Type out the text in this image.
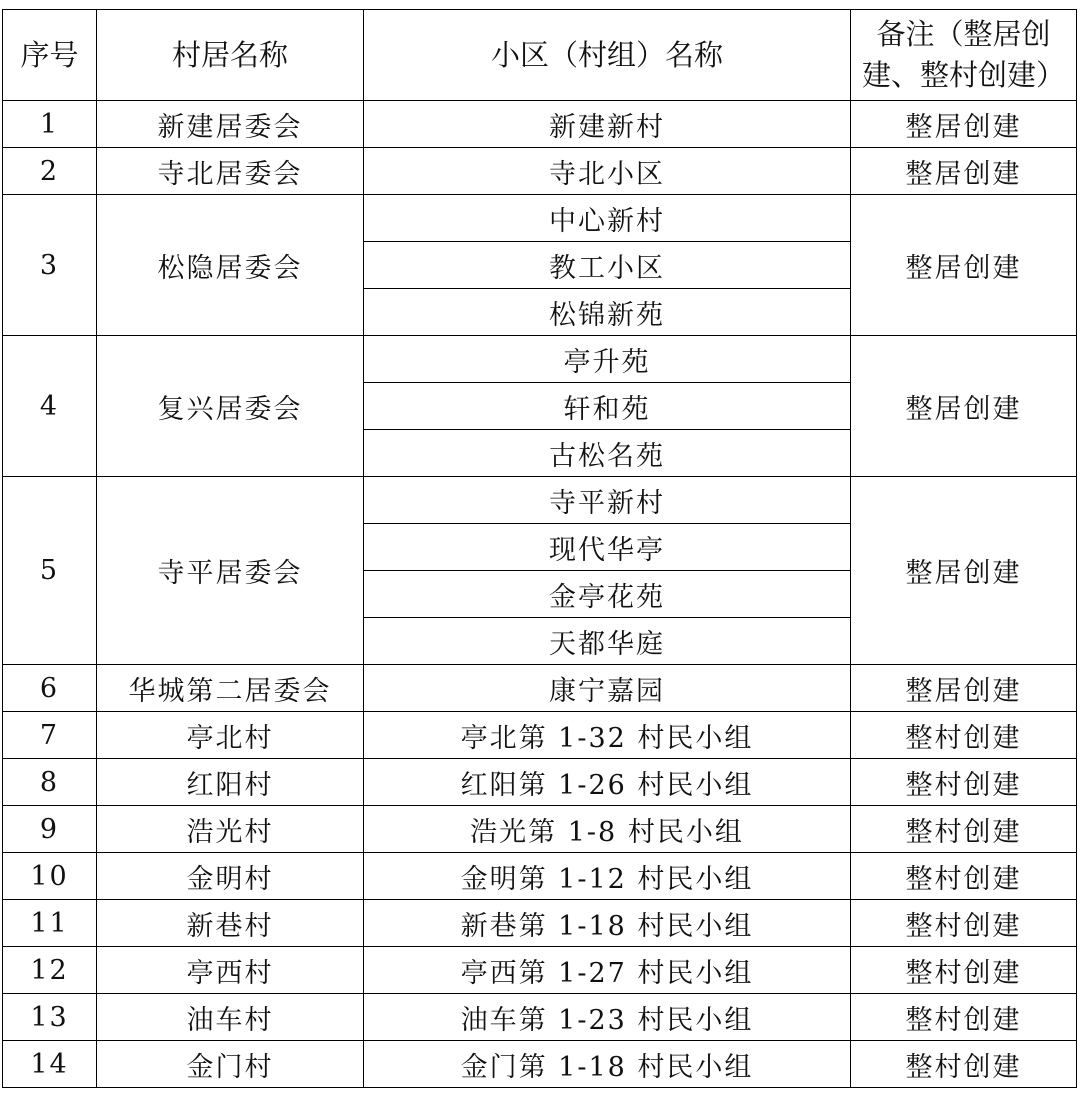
序号	村居名称	小区（村组）名称	备注（整居创建、整村创建）
1	新建居委会	新建新村	整居创建
2	寺北居委会	寺北小区	整居创建
3	松隐居委会	中心新村	整居创建
		教工小区	
		松锦新苑	
4	复兴居委会	亭升苑	整居创建
		轩和苑	
		古松名苑	
5	寺平居委会	寺平新村	整居创建
		现代华亭	
		金亭花苑	
		天都华庭	
6	华城第二居委会	康宁嘉园	整居创建
7	亭北村	亭北第 1-32 村民小组	整村创建
8	红阳村	红阳第 1-26 村民小组	整村创建
9	浩光村	浩光第 1-8 村民小组	整村创建
10	金明村	金明第 1-12 村民小组	整村创建
11	新巷村	新巷第 1-18 村民小组	整村创建
12	亭西村	亭西第 1-27 村民小组	整村创建
13	油车村	油车第 1-23 村民小组	整村创建
14	金门村	金门第 1-18 村民小组	整村创建
